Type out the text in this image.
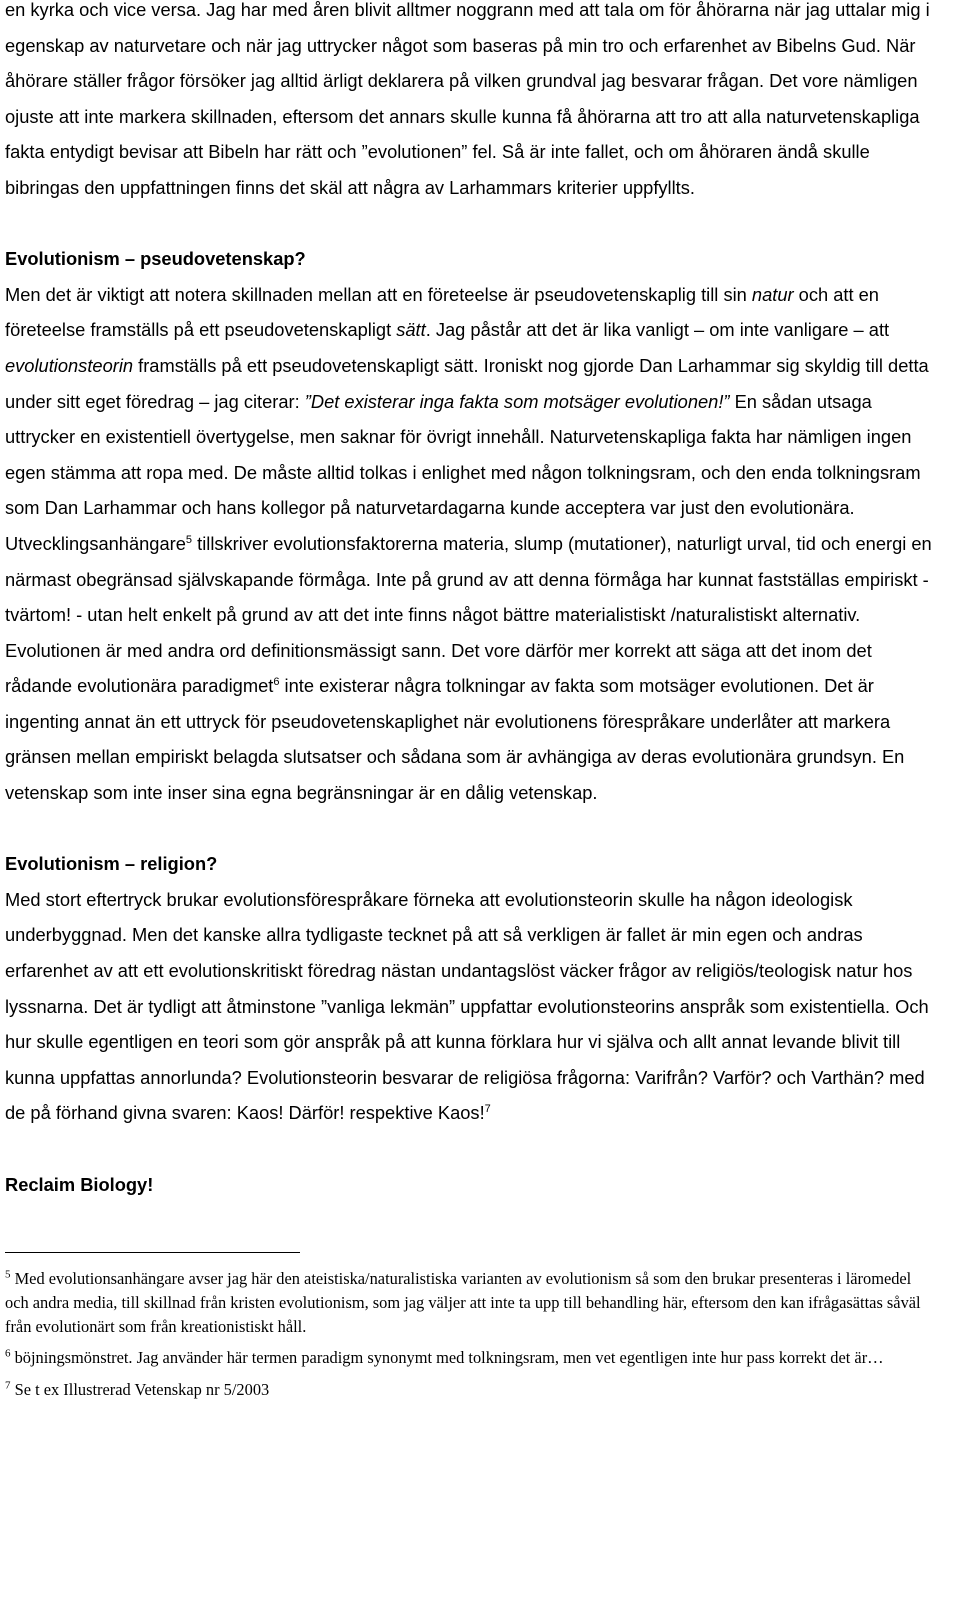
en kyrka och vice versa. Jag har med åren blivit alltmer noggrann med att tala om för åhörarna när jag uttalar mig i egenskap av naturvetare och när jag uttrycker något som baseras på min tro och erfarenhet av Bibelns Gud. När åhörare ställer frågor försöker jag alltid ärligt deklarera på vilken grundval jag besvarar frågan. Det vore nämligen ojuste att inte markera skillnaden, eftersom det annars skulle kunna få åhörarna att tro att alla naturvetenskapliga fakta entydigt bevisar att Bibeln har rätt och ”evolutionen” fel. Så är inte fallet, och om åhöraren ändå skulle bibringas den uppfattningen finns det skäl att några av Larhammars kriterier uppfyllts.

Evolutionism – pseudovetenskap?

Men det är viktigt att notera skillnaden mellan att en företeelse är pseudovetenskaplig till sin natur och att en företeelse framställs på ett pseudovetenskapligt sätt. Jag påstår att det är lika vanligt – om inte vanligare – att evolutionsteorin framställs på ett pseudovetenskapligt sätt. Ironiskt nog gjorde Dan Larhammar sig skyldig till detta under sitt eget föredrag – jag citerar: ”Det existerar inga fakta som motsäger evolutionen!” En sådan utsaga uttrycker en existentiell övertygelse, men saknar för övrigt innehåll. Naturvetenskapliga fakta har nämligen ingen egen stämma att ropa med. De måste alltid tolkas i enlighet med någon tolkningsram, och den enda tolkningsram som Dan Larhammar och hans kollegor på naturvetardagarna kunde acceptera var just den evolutionära. Utvecklingsanhängare$^5$ tillskriver evolutionsfaktorerna materia, slump (mutationer), naturligt urval, tid och energi en närmast obegränsad självskapande förmåga. Inte på grund av att denna förmåga har kunnat fastställas empiriskt - tvärtom! - utan helt enkelt på grund av att det inte finns något bättre materialistiskt /naturalistiskt alternativ. Evolutionen är med andra ord definitionsmässigt sann. Det vore därför mer korrekt att säga att det inom det rådande evolutionära paradigmet$^6$ inte existerar några tolkningar av fakta som motsäger evolutionen. Det är ingenting annat än ett uttryck för pseudovetenskaplighet när evolutionens förespråkare underlåter att markera gränsen mellan empiriskt belagda slutsatser och sådana som är avhängiga av deras evolutionära grundsyn. En vetenskap som inte inser sina egna begränsningar är en dålig vetenskap.

Evolutionism – religion?

Med stort eftertryck brukar evolutionsförespråkare förneka att evolutionsteorin skulle ha någon ideologisk underbyggnad. Men det kanske allra tydligaste tecknet på att så verkligen är fallet är min egen och andras erfarenhet av att ett evolutionskritiskt föredrag nästan undantagslöst väcker frågor av religiös/teologisk natur hos lyssnarna. Det är tydligt att åtminstone ”vanliga lekmän” uppfattar evolutionsteorins anspråk som existentiella. Och hur skulle egentligen en teori som gör anspråk på att kunna förklara hur vi själva och allt annat levande blivit till kunna uppfattas annorlunda? Evolutionsteorin besvarar de religiösa frågorna: Varifrån? Varför? och Varthän? med de på förhand givna svaren: Kaos! Därför! respektive Kaos!$^7$

Reclaim Biology!

$^5$ Med evolutionsanhängare avser jag här den ateistiska/naturalistiska varianten av evolutionism så som den brukar presenteras i läromedel och andra media, till skillnad från kristen evolutionism, som jag väljer att inte ta upp till behandling här, eftersom den kan ifrågasättas såväl från evolutionärt som från kreationistiskt håll.

$^6$ böjningsmönstret. Jag använder här termen paradigm synonymt med tolkningsram, men vet egentligen inte hur pass korrekt det är…

$^7$ Se t ex Illustrerad Vetenskap nr 5/2003
